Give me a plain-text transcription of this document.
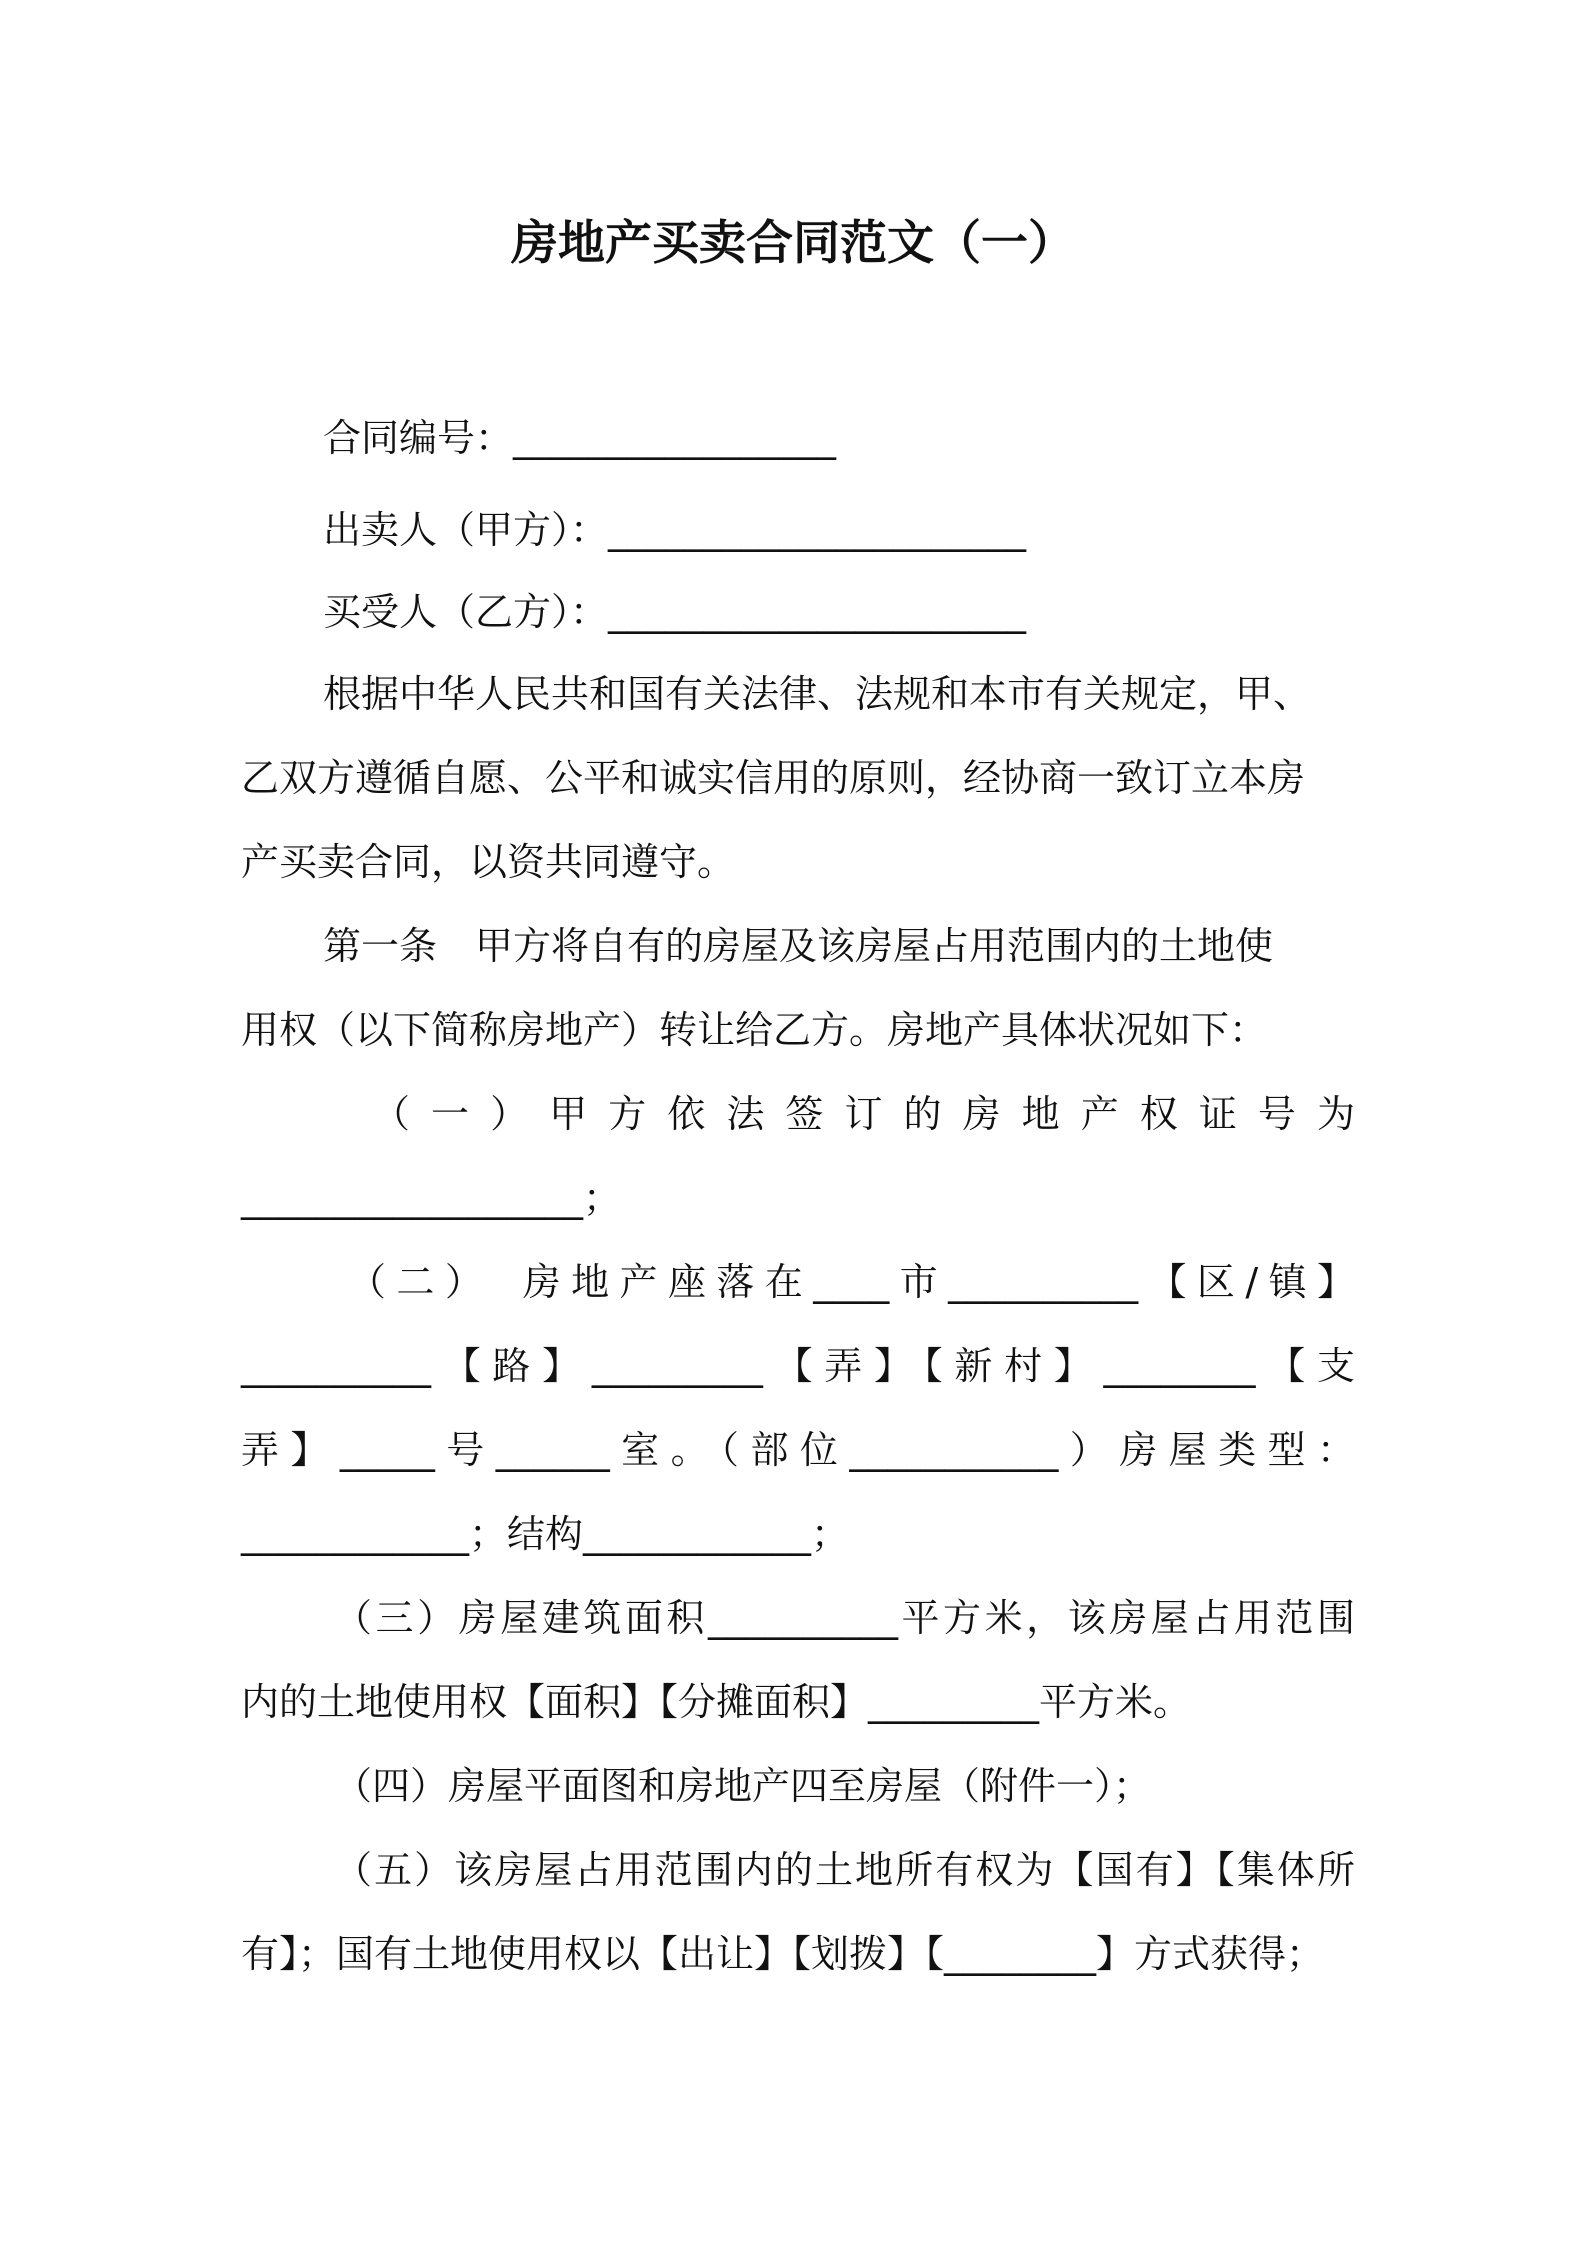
房地产买卖合同范文（一）
合同编号：_________________
出卖人（甲方）：______________________
买受人（乙方）：______________________
根据中华人民共和国有关法律、法规和本市有关规定，甲、
乙双方遵循自愿、公平和诚实信用的原则，经协商一致订立本房
产买卖合同，以资共同遵守。
第一条　甲方将自有的房屋及该房屋占用范围内的土地使
用权（以下简称房地产）转让给乙方。房地产具体状况如下：
（一）甲方依法签订的房地产权证号为
__________________；
（二）　房地产座落在____市__________【区/镇】
__________【路】_________【弄】【新村】________【支
弄】_____号______室。（部位___________）房屋类型：
____________；结构____________；
（三）房屋建筑面积__________平方米，该房屋占用范围
内的土地使用权【面积】【分摊面积】_________平方米。
（四）房屋平面图和房地产四至房屋（附件一）；
（五）该房屋占用范围内的土地所有权为【国有】【集体所
有】；国有土地使用权以【出让】【划拨】【________】方式获得；
